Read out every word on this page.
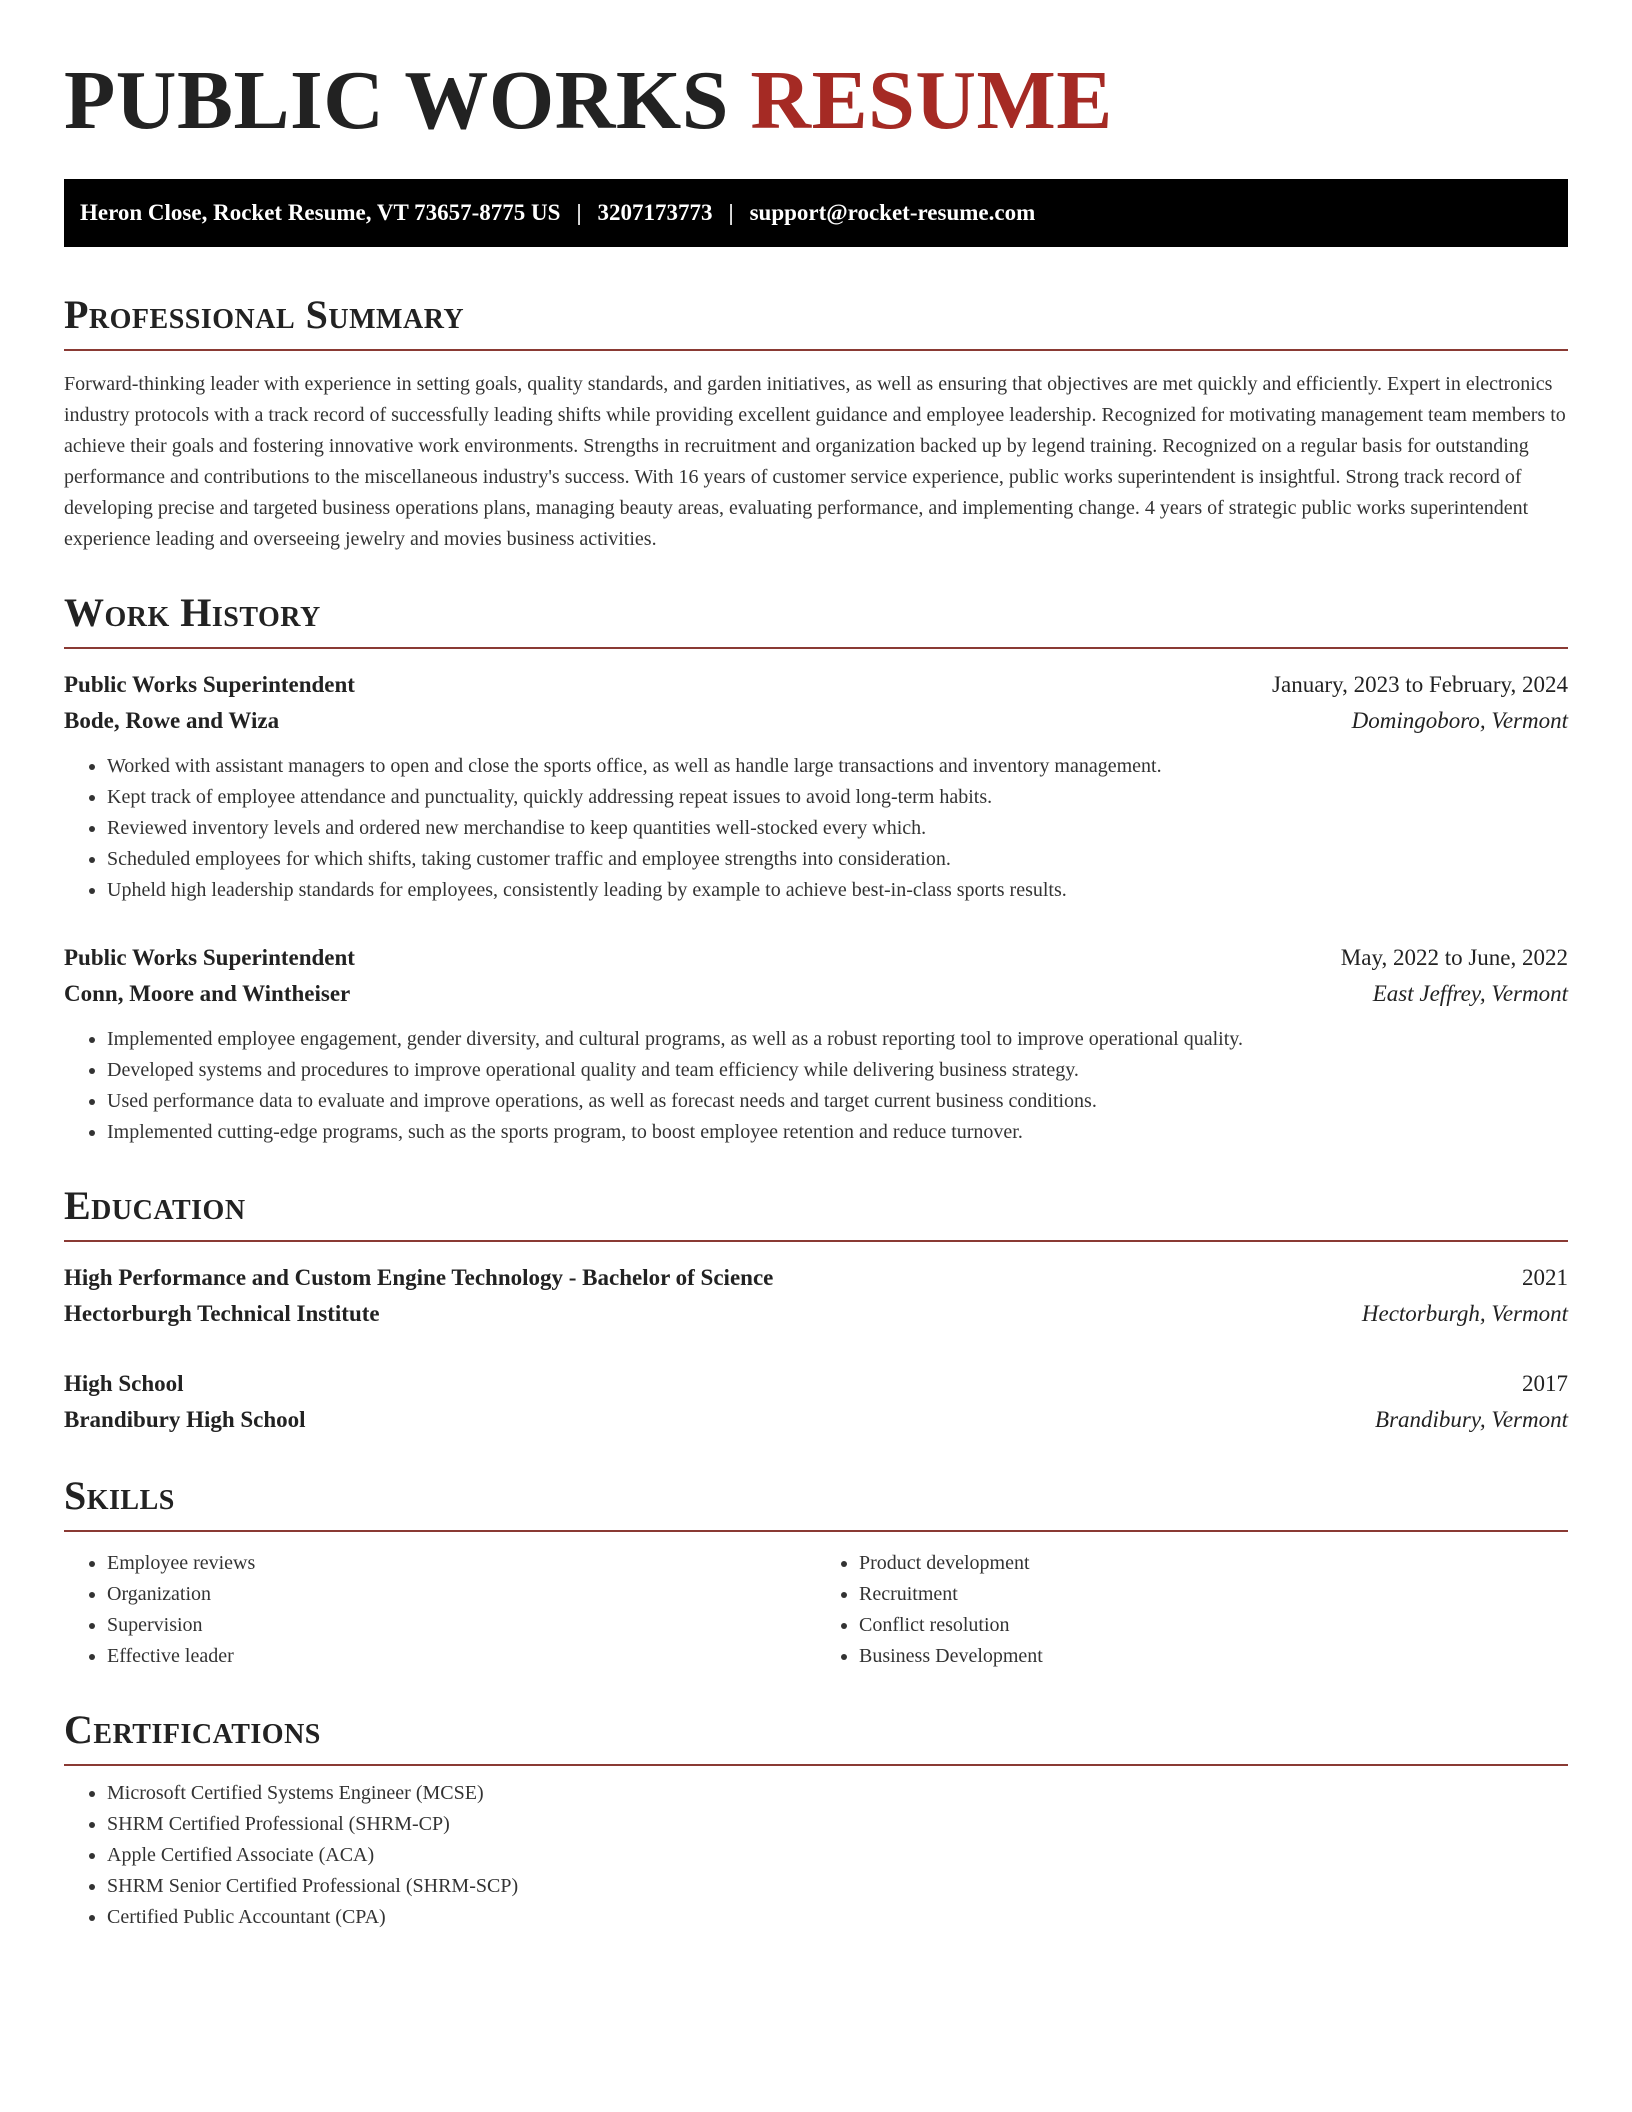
PUBLIC WORKS RESUME
Heron Close, Rocket Resume, VT 73657-8775 US | 3207173773 | support@rocket-resume.com
Professional Summary

Forward-thinking leader with experience in setting goals, quality standards, and garden initiatives, as well as ensuring that objectives are met quickly and efficiently. Expert in electronics industry protocols with a track record of successfully leading shifts while providing excellent guidance and employee leadership. Recognized for motivating management team members to achieve their goals and fostering innovative work environments. Strengths in recruitment and organization backed up by legend training. Recognized on a regular basis for outstanding performance and contributions to the miscellaneous industry's success. With 16 years of customer service experience, public works superintendent is insightful. Strong track record of developing precise and targeted business operations plans, managing beauty areas, evaluating performance, and implementing change. 4 years of strategic public works superintendent experience leading and overseeing jewelry and movies business activities.

Work History
Public Works Superintendent	January, 2023 to February, 2024
Bode, Rowe and Wiza	Domingoboro, Vermont
• Worked with assistant managers to open and close the sports office, as well as handle large transactions and inventory management.
• Kept track of employee attendance and punctuality, quickly addressing repeat issues to avoid long-term habits.
• Reviewed inventory levels and ordered new merchandise to keep quantities well-stocked every which.
• Scheduled employees for which shifts, taking customer traffic and employee strengths into consideration.
• Upheld high leadership standards for employees, consistently leading by example to achieve best-in-class sports results.
Public Works Superintendent	May, 2022 to June, 2022
Conn, Moore and Wintheiser	East Jeffrey, Vermont
• Implemented employee engagement, gender diversity, and cultural programs, as well as a robust reporting tool to improve operational quality.
• Developed systems and procedures to improve operational quality and team efficiency while delivering business strategy.
• Used performance data to evaluate and improve operations, as well as forecast needs and target current business conditions.
• Implemented cutting-edge programs, such as the sports program, to boost employee retention and reduce turnover.
Education
High Performance and Custom Engine Technology - Bachelor of Science	2021
Hectorburgh Technical Institute	Hectorburgh, Vermont
High School	2017
Brandibury High School	Brandibury, Vermont
Skills
• Employee reviews
• Organization
• Supervision
• Effective leader
• Product development
• Recruitment
• Conflict resolution
• Business Development
Certifications
• Microsoft Certified Systems Engineer (MCSE)
• SHRM Certified Professional (SHRM-CP)
• Apple Certified Associate (ACA)
• SHRM Senior Certified Professional (SHRM-SCP)
• Certified Public Accountant (CPA)
